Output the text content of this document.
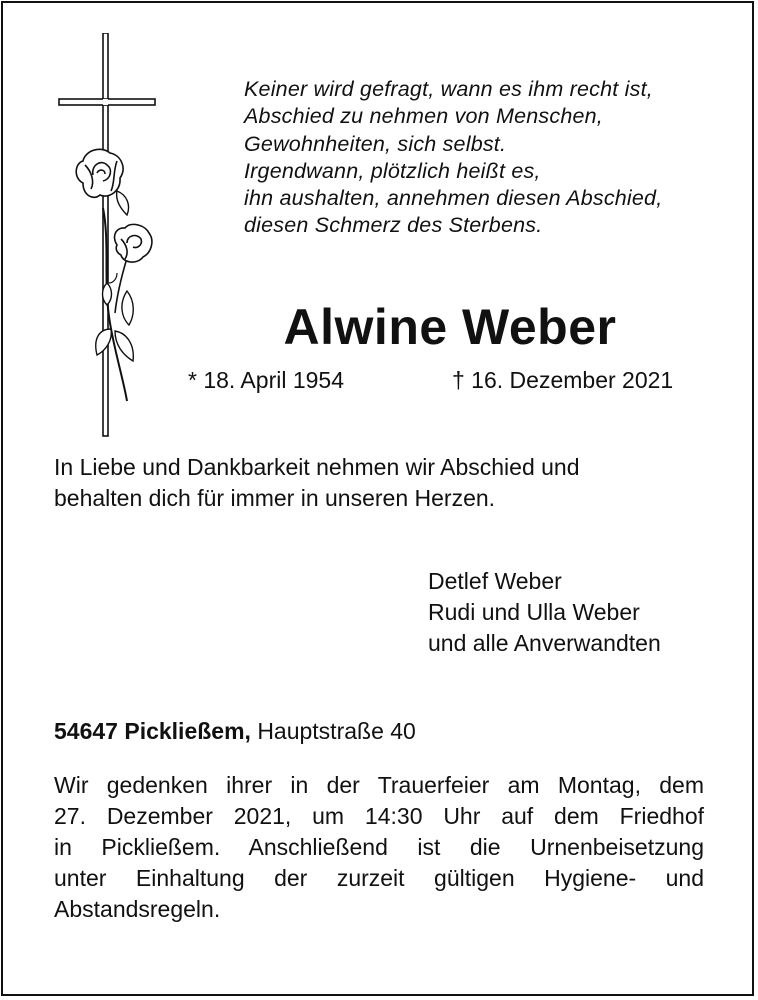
Keiner wird gefragt, wann es ihm recht ist,
Abschied zu nehmen von Menschen,
Gewohnheiten, sich selbst.
Irgendwann, plötzlich heißt es,
ihn aushalten, annehmen diesen Abschied,
diesen Schmerz des Sterbens.
Alwine Weber
* 18. April 1954	† 16. Dezember 2021
In Liebe und Dankbarkeit nehmen wir Abschied und
behalten dich für immer in unseren Herzen.
Detlef Weber
Rudi und Ulla Weber
und alle Anverwandten
54647 Pickließem, Hauptstraße 40
Wir gedenken ihrer in der Trauerfeier am Montag, dem
27. Dezember 2021, um 14:30 Uhr auf dem Friedhof
in Pickließem. Anschließend ist die Urnenbeisetzung
unter Einhaltung der zurzeit gültigen Hygiene- und
Abstandsregeln.
